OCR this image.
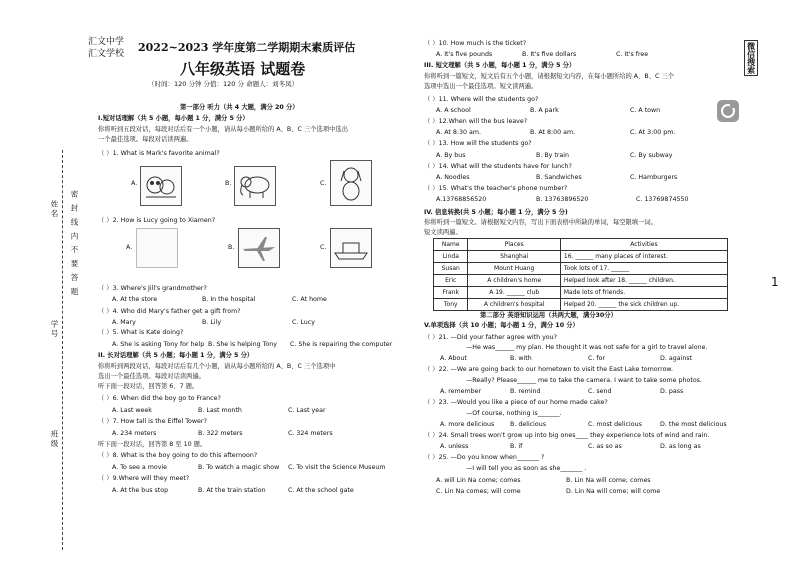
密 封 线 内 不 要 答 题
姓名
班级
学号
汇文中学
汇文学校
2022~2023 学年度第二学期期末素质评估
八年级英语 试题卷
（时间：120 分钟 分值：120 分 命题人：刘冬凤）
第一部分 听力（共 4 大题，满分 20 分）
I.短对话理解（共 5 小题，每小题 1 分，满分 5 分）
你将听到五段对话，每段对话后有一个小题，请从每小题所给的 A、B、C 三个选项中选出
一个最佳选项。每段对话读两遍。
（ ）1. What is Mark's favorite animal?
A.	B.	C.
（ ）2. How is Lucy going to Xiamen?
A.	B.	C.
（ ）3. Where's Jill's grandmother?
A. At the store	B. In the hospital	C. At home
（ ）4. Who did Mary's father get a gift from?
A. Mary	B. Lily	C. Lucy
（ ）5. What is Kate doing?
A. She is asking Tony for help B. She is helping Tony C. She is repairing the computer
II. 长对话理解（共 5 小题；每小题 1 分，满分 5 分）
你将听到两段对话，每段对话后有几个小题，请从每小题所给的 A、B、C 三个选项中
选出一个最佳选项。每段对话读两遍。
听下面一段对话，回答第 6、7 题。
（ ）6. When did the boy go to France?
A. Last week	B. Last month	C. Last year
（ ）7. How tall is the Eiffel Tower?
A. 234 meters	B. 322 meters	C. 324 meters
听下面一段对话，回答第 8 至 10 题。
（ ）8. What is the boy going to do this afternoon?
A. To see a movie	B. To watch a magic show C. To visit the Science Museum
（ ）9.Where will they meet?
A. At the bus stop	B. At the train station	C. At the school gate
（ ）10. How much is the ticket?
A. It's five pounds	B. It's five dollars	C. It's free
III. 短文理解（共 5 小题，每小题 1 分，满分 5 分）
你将听到一篇短文，短文后有五个小题，请根据短文内容，在每小题所给的 A、B、C 三个
选项中选出一个最佳选项。短文读两遍。
（ ）11. Where will the students go?
A. A school	B. A park	C. A town
（ ）12.When will the bus leave?
A. At 8:30 am.	B. At 8:00 am.	C. At 3:00 pm.
（ ）13. How will the students go?
A. By bus	B. By train	C. By subway
（ ）14. What will the students have for lunch?
A. Noodles	B. Sandwiches	C. Hamburgers
（ ）15. What's the teacher's phone number?
A.13768856520	B. 13763896520	C. 13769874550
IV. 信息转换(共 5 小题；每小题 1 分，满分 5 分)
你将听到一篇短文。请根据短文内容，写出下面表格中所缺的单词，每空限填一词。
短文读两遍。
Name	Places	Activities
Linda	Shanghai	16. ______ many places of interest.
Susan	Mount Huang	Took lots of 17. ______
Eric	A children's home	Helped look after 18. ______ children.
Frank	A 19. ______ club	Made lots of friends.
Tony	A children's hospital	Helped 20. ______ the sick children up.
第二部分 英语知识运用（共两大题，满分30分）
V.单项选择（共 10 小题；每小题 1 分，满分 10 分）
（ ）21. —Did your father agree with you?
—He was______ my plan. He thought it was not safe for a girl to travel alone.
A. About	B. with	C. for	D. against
（ ）22. —We are going back to our hometown to visit the East Lake tomorrow.
—Really? Please______ me to take the camera. I want to take some photos.
A. remember	B. remind	C. send	D. pass
（ ）23. —Would you like a piece of our home made cake?
—Of course, nothing is_______.
A. more delicious	B. delicious	C. most delicious	D. the most delicious
（ ）24. Small trees won't grow up into big ones____ they experience lots of wind and rain.
A. unless	B. if	C. as so as	D. as long as
（ ）25. —Do you know when_______ ?
—I will tell you as soon as she_______ .
A. will Lin Na come; comes	B. Lin Na will come; comes
C. Lin Na comes; will come	D. Lin Na will come; will come
微信搜索
1
